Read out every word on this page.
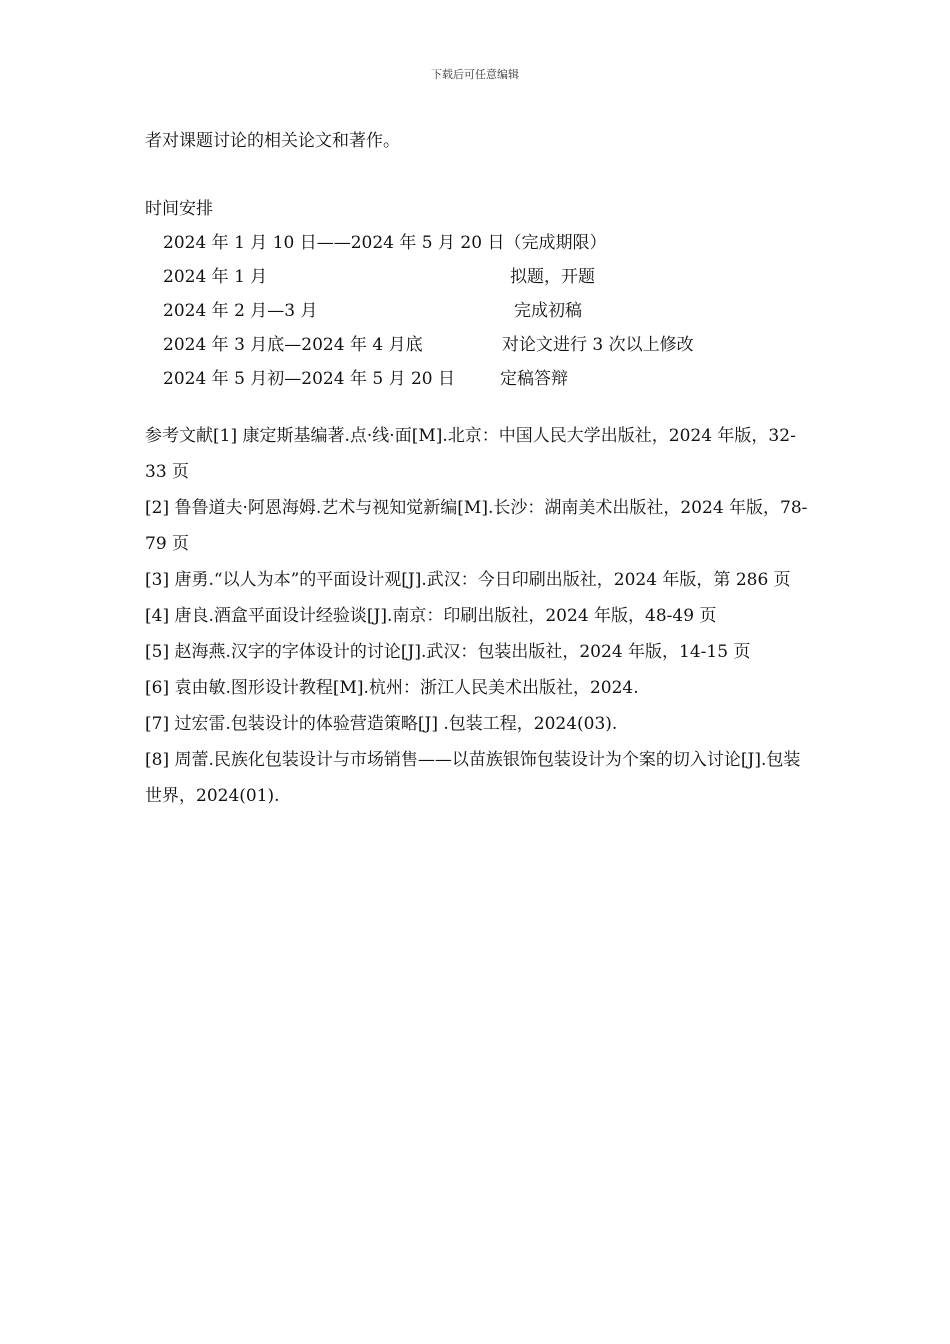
下载后可任意编辑
者对课题讨论的相关论文和著作。
时间安排
2024 年 1 月 10 日——2024 年 5 月 20 日（完成期限）
2024 年 1 月	拟题，开题
2024 年 2 月—3 月	完成初稿
2024 年 3 月底—2024 年 4 月底	对论文进行 3 次以上修改
2024 年 5 月初—2024 年 5 月 20 日	定稿答辩
参考文献[1] 康定斯基编著.点·线·面[M].北京：中国人民大学出版社，2024 年版，32-33 页
[2] 鲁鲁道夫·阿恩海姆.艺术与视知觉新编[M].长沙：湖南美术出版社，2024 年版，78-79 页
[3] 唐勇.“以人为本”的平面设计观[J].武汉：今日印刷出版社，2024 年版，第 286 页
[4] 唐良.酒盒平面设计经验谈[J].南京：印刷出版社，2024 年版，48-49 页
[5] 赵海燕.汉字的字体设计的讨论[J].武汉：包装出版社，2024 年版，14-15 页
[6] 袁由敏.图形设计教程[M].杭州：浙江人民美术出版社，2024.
[7] 过宏雷.包装设计的体验营造策略[J] .包装工程，2024(03).
[8] 周蕾.民族化包装设计与市场销售——以苗族银饰包装设计为个案的切入讨论[J].包装世界，2024(01).
